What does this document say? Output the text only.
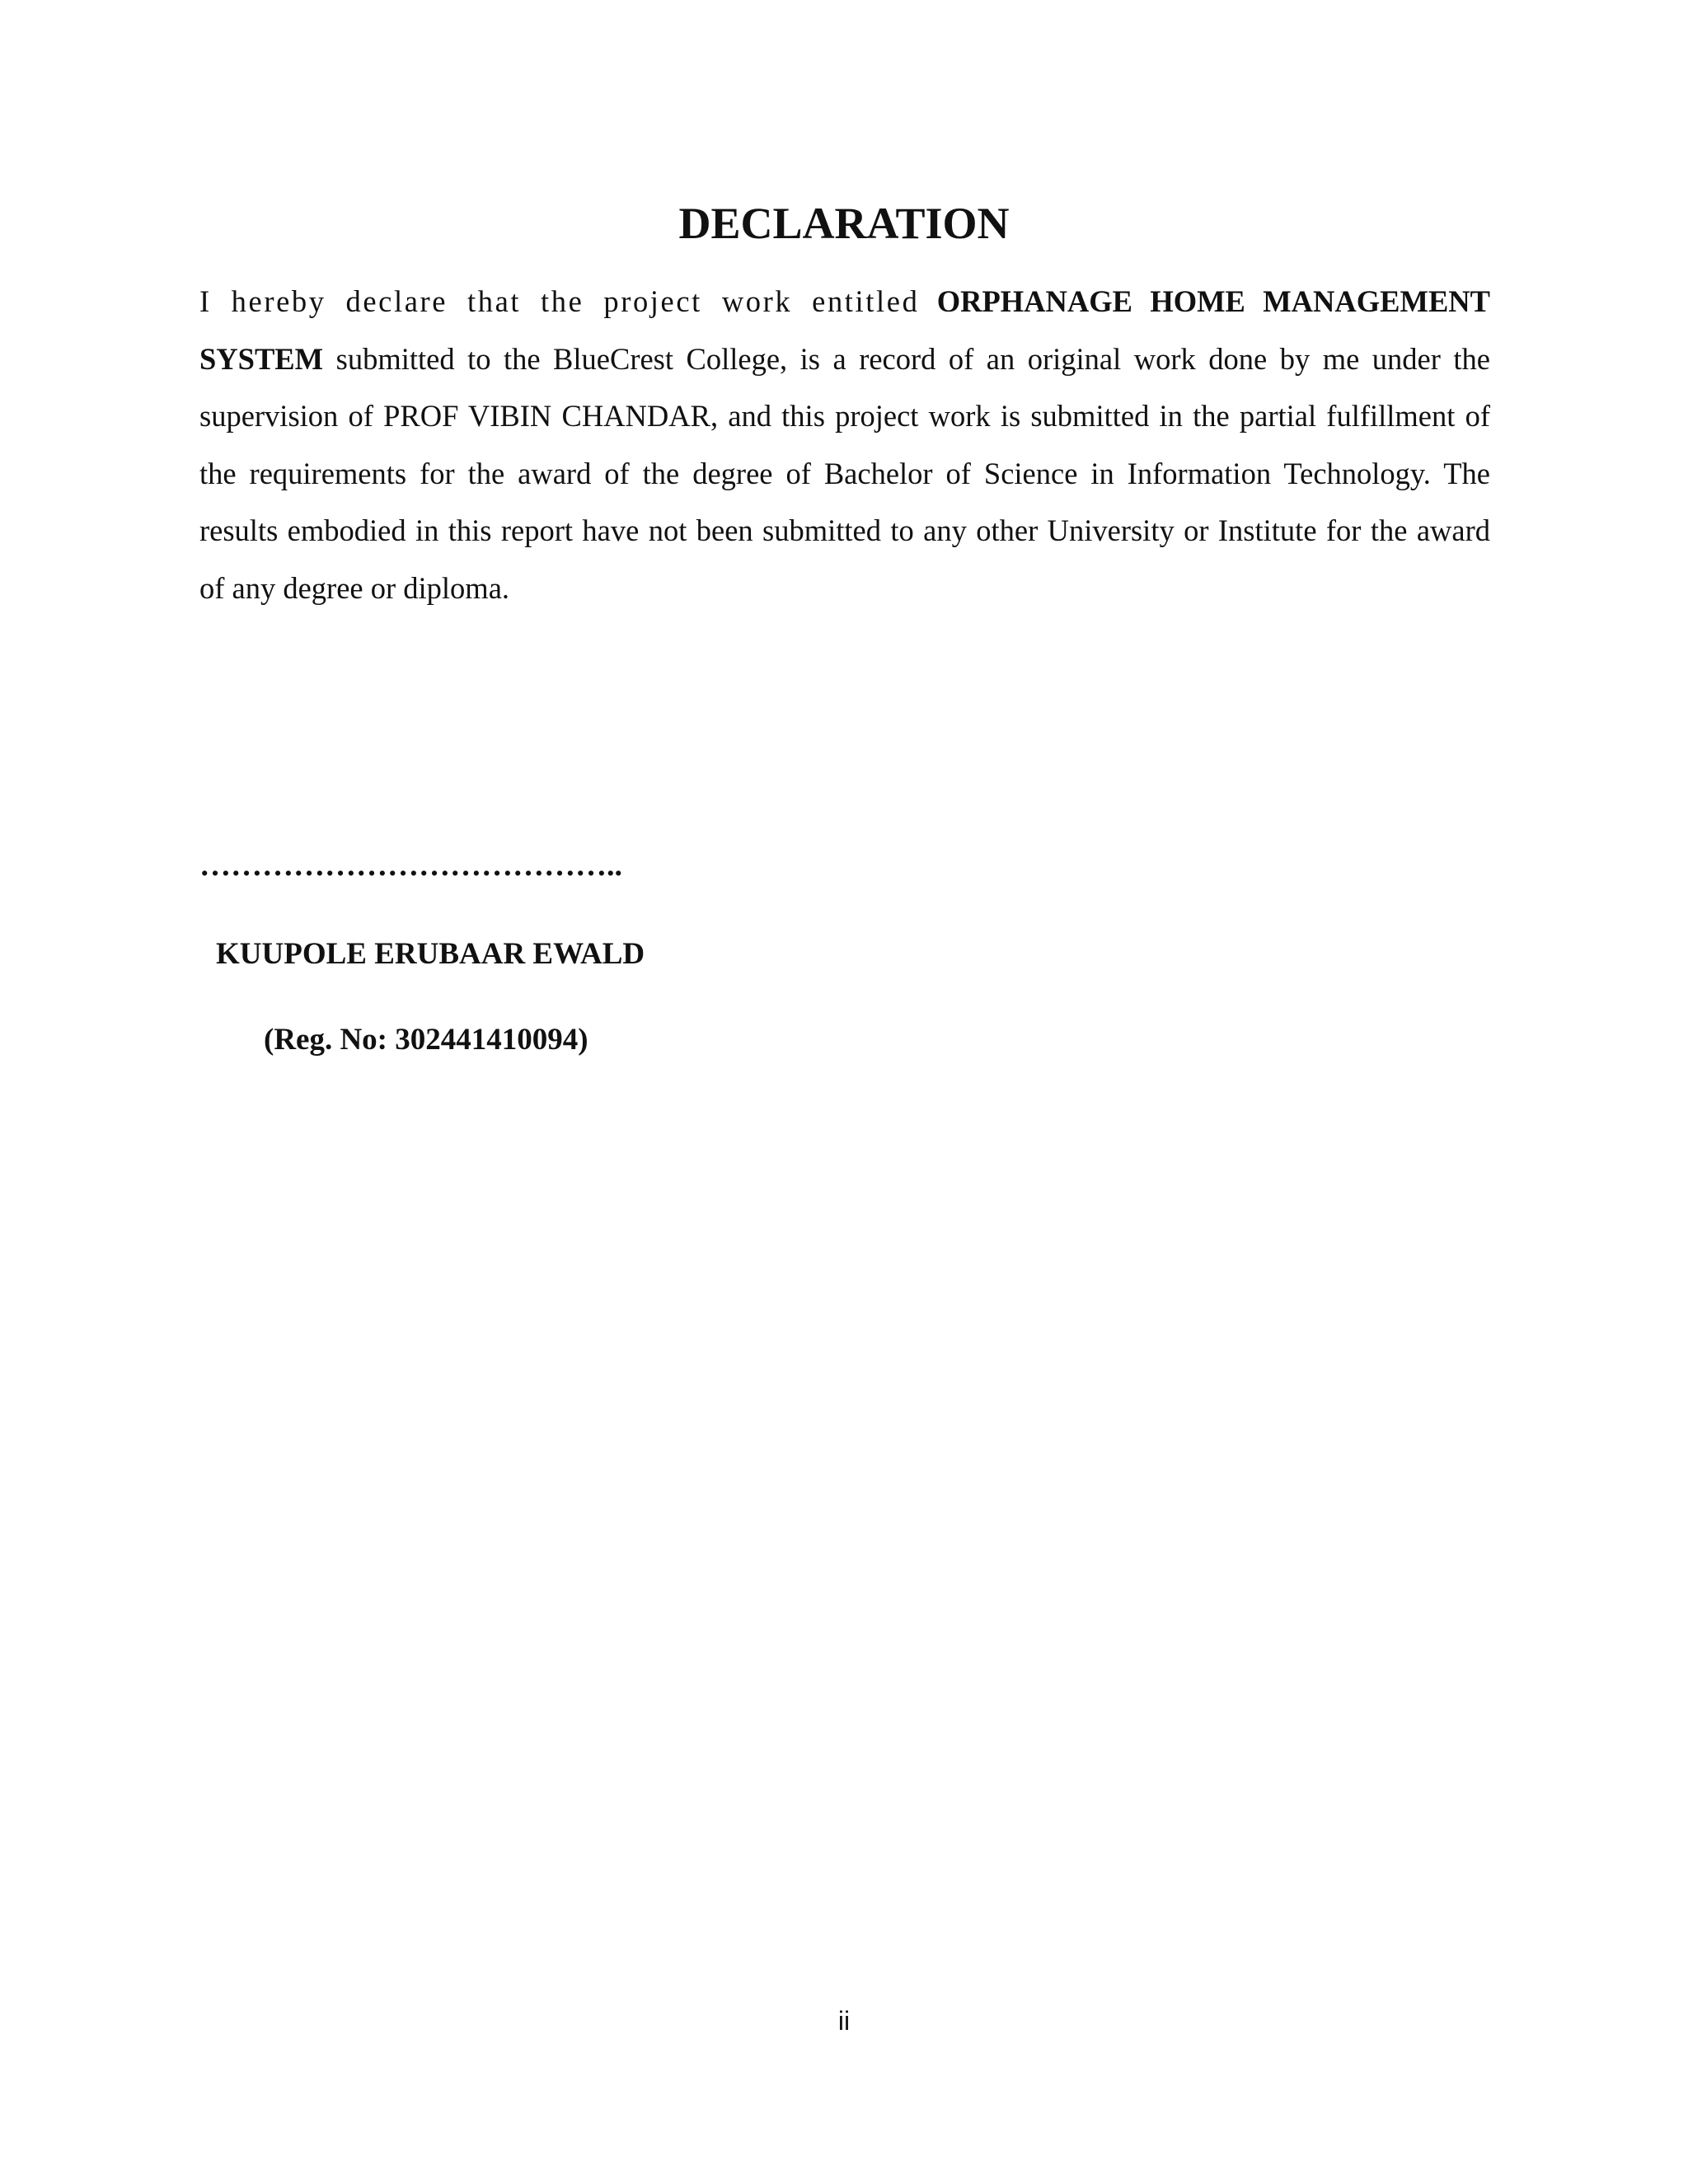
DECLARATION

I hereby declare that the project work entitled ORPHANAGE HOME MANAGEMENT SYSTEM submitted to the BlueCrest College, is a record of an original work done by me under the supervision of PROF VIBIN CHANDAR, and this project work is submitted in the partial fulfillment of the requirements for the award of the degree of Bachelor of Science in Information Technology. The results embodied in this report have not been submitted to any other University or Institute for the award of any degree or diploma.

…………………………………..
KUUPOLE ERUBAAR EWALD
(Reg. No: 302441410094)
ii
